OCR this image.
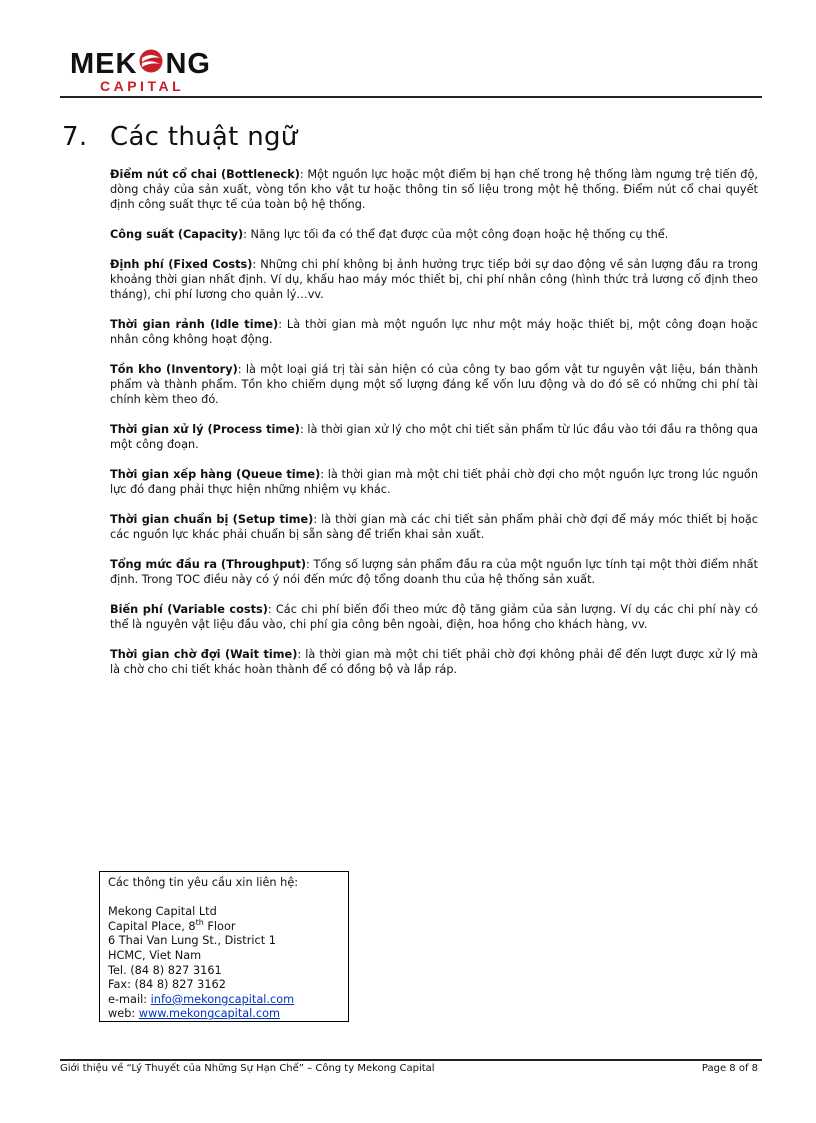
MEK NG
CAPITAL
7. Các thuật ngữ

Điểm nút cổ chai (Bottleneck): Một nguồn lực hoặc một điểm bị hạn chế trong hệ thống làm ngưng trệ tiến độ, dòng chảy của sản xuất, vòng tồn kho vật tư hoặc thông tin số liệu trong một hệ thống. Điểm nút cổ chai quyết định công suất thực tế của toàn bộ hệ thống.

Công suất (Capacity): Năng lực tối đa có thể đạt được của một công đoạn hoặc hệ thống cụ thể.

Định phí (Fixed Costs): Những chi phí không bị ảnh hưởng trực tiếp bởi sự dao động về sản lượng đầu ra trong khoảng thời gian nhất định. Ví dụ, khấu hao máy móc thiết bị, chi phí nhân công (hình thức trả lương cố định theo tháng), chi phí lương cho quản lý…vv.

Thời gian rảnh (Idle time): Là thời gian mà một nguồn lực như một máy hoặc thiết bị, một công đoạn hoặc nhân công không hoạt động.

Tồn kho (Inventory): là một loại giá trị tài sản hiện có của công ty bao gồm vật tư nguyên vật liệu, bán thành phẩm và thành phẩm. Tồn kho chiếm dụng một số lượng đáng kể vốn lưu động và do đó sẽ có những chi phí tài chính kèm theo đó.

Thời gian xử lý (Process time): là thời gian xử lý cho một chi tiết sản phẩm từ lúc đầu vào tới đầu ra thông qua một công đoạn.

Thời gian xếp hàng (Queue time): là thời gian mà một chi tiết phải chờ đợi cho một nguồn lực trong lúc nguồn lực đó đang phải thực hiện những nhiệm vụ khác.

Thời gian chuẩn bị (Setup time): là thời gian mà các chi tiết sản phẩm phải chờ đợi để máy móc thiết bị hoặc các nguồn lực khác phải chuẩn bị sẵn sàng để triển khai sản xuất.

Tổng mức đầu ra (Throughput): Tổng số lượng sản phẩm đầu ra của một nguồn lực tính tại một thời điểm nhất định. Trong TOC điều này có ý nói đến mức độ tổng doanh thu của hệ thống sản xuất.

Biến phí (Variable costs): Các chi phí biến đổi theo mức độ tăng giảm của sản lượng. Ví dụ các chi phí này có thể là nguyên vật liệu đầu vào, chi phí gia công bên ngoài, điện, hoa hồng cho khách hàng, vv.

Thời gian chờ đợi (Wait time): là thời gian mà một chi tiết phải chờ đợi không phải để đến lượt được xử lý mà là chờ cho chi tiết khác hoàn thành để có đồng bộ và lắp ráp.

Các thông tin yêu cầu xin liên hệ:
Mekong Capital Ltd
Capital Place, 8th Floor
6 Thai Van Lung St., District 1
HCMC, Viet Nam
Tel. (84 8) 827 3161
Fax: (84 8) 827 3162
e-mail: info@mekongcapital.com
web: www.mekongcapital.com
Giới thiệu về “Lý Thuyết của Những Sự Hạn Chế” – Công ty Mekong Capital	Page 8 of 8
